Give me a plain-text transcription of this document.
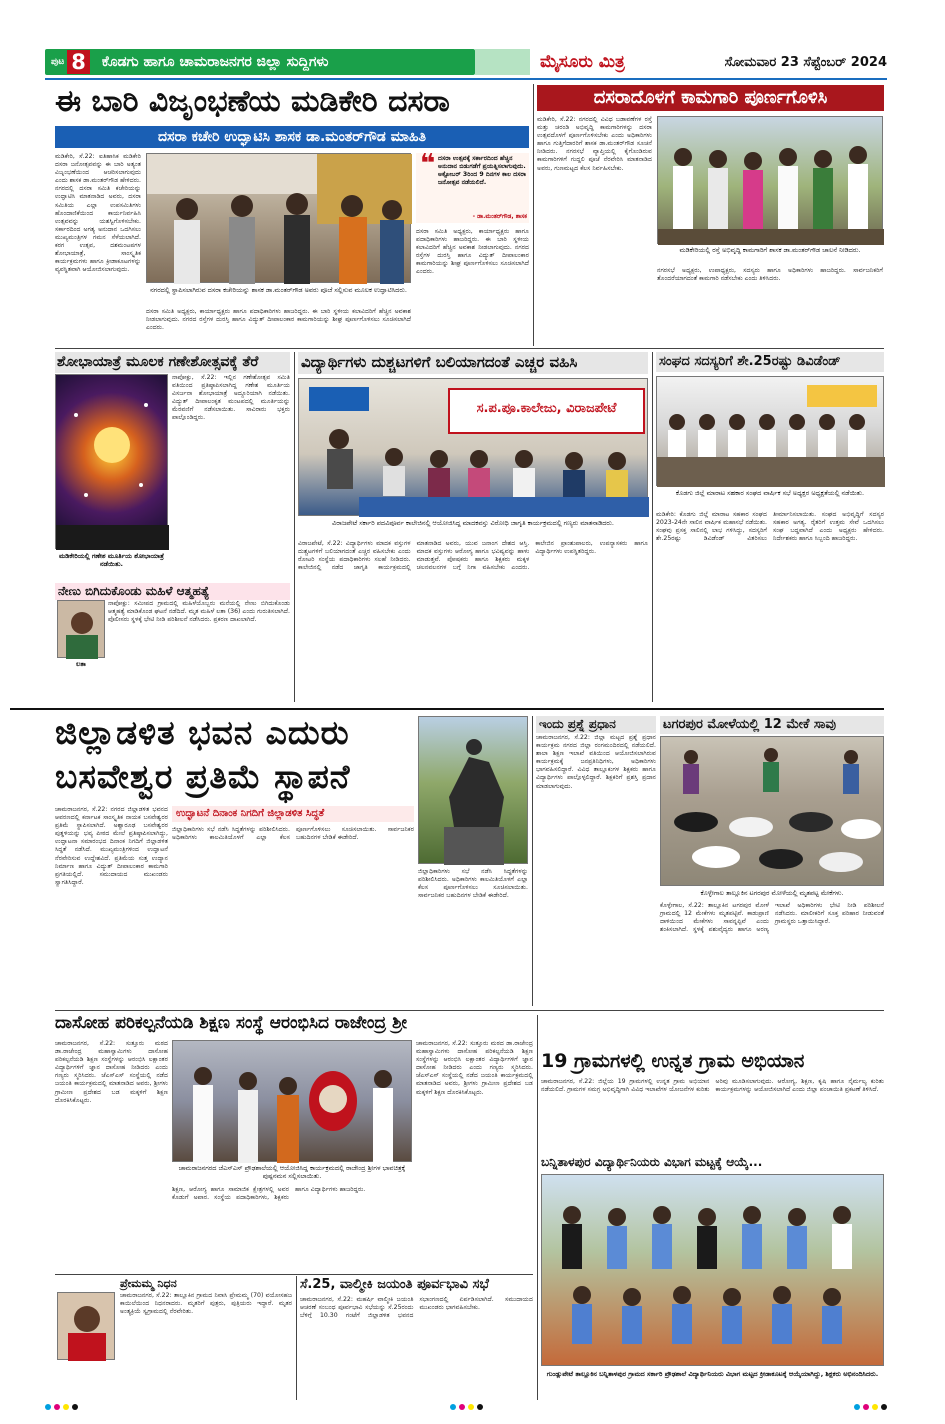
ಪುಟ 8 ಕೊಡಗು ಹಾಗೂ ಚಾಮರಾಜನಗರ ಜಿಲ್ಲಾ ಸುದ್ದಿಗಳು	ಮೈಸೂರು ಮಿತ್ರ	ಸೋಮವಾರ 23 ಸೆಪ್ಟೆಂಬರ್ 2024
ಈ ಬಾರಿ ವಿಜೃಂಭಣೆಯ ಮಡಿಕೇರಿ ದಸರಾ
ದಸರಾ ಕಚೇರಿ ಉದ್ಘಾಟಿಸಿ ಶಾಸಕ ಡಾ.ಮಂತರ್‌ಗೌಡ ಮಾಹಿತಿ
ಮಡಿಕೇರಿ, ಸೆ.22: ಐತಿಹಾಸಿಕ ಮಡಿಕೇರಿ ದಸರಾ ಜನೋತ್ಸವವನ್ನು ಈ ಬಾರಿ ಅತ್ಯಂತ ವಿಜೃಂಭಣೆಯಿಂದ ಆಚರಿಸಲಾಗುವುದು ಎಂದು ಶಾಸಕ ಡಾ.ಮಂತರ್‌ಗೌಡ ಹೇಳಿದರು. ನಗರದಲ್ಲಿ ದಸರಾ ಸಮಿತಿ ಕಚೇರಿಯನ್ನು ಉದ್ಘಾಟಿಸಿ ಮಾತನಾಡಿದ ಅವರು, ದಸರಾ ಸಮಿತಿಯ ಎಲ್ಲಾ ಉಪಸಮಿತಿಗಳು ಹೊಂದಾಣಿಕೆಯಿಂದ ಕಾರ್ಯನಿರ್ವಹಿಸಿ ಉತ್ಸವವನ್ನು ಯಶಸ್ವಿಗೊಳಿಸಬೇಕು. ಸರ್ಕಾರದಿಂದ ಅಗತ್ಯ ಅನುದಾನ ಒದಗಿಸಲು ಮುಖ್ಯಮಂತ್ರಿಗಳ ಗಮನ ಸೆಳೆಯಲಾಗಿದೆ. ಕರಗ ಉತ್ಸವ, ದಶಮಂಟಪಗಳ ಶೋಭಾಯಾತ್ರೆ, ಸಾಂಸ್ಕೃತಿಕ ಕಾರ್ಯಕ್ರಮಗಳು ಹಾಗೂ ಕ್ರೀಡಾಕೂಟಗಳನ್ನು ವ್ಯವಸ್ಥಿತವಾಗಿ ಆಯೋಜಿಸಲಾಗುವುದು.
ನಗರದಲ್ಲಿ ಸ್ಥಾಪಿಸಲಾಗಿರುವ ದಸರಾ ಕಚೇರಿಯನ್ನು ಶಾಸಕ ಡಾ.ಮಂತರ್‌ಗೌಡ ಅವರು ಪೂಜೆ ಸಲ್ಲಿಸುವ ಮೂಲಕ ಉದ್ಘಾಟಿಸಿದರು.
❝ ದಸರಾ ಉತ್ಸವಕ್ಕೆ ಸರ್ಕಾರದಿಂದ ಹೆಚ್ಚಿನ ಅನುದಾನ ಬಿಡುಗಡೆಗೆ ಪ್ರಯತ್ನಿಸಲಾಗುವುದು. ಅಕ್ಟೋಬರ್ 3ರಿಂದ 9 ದಿನಗಳ ಕಾಲ ದಸರಾ ಜನೋತ್ಸವ ನಡೆಯಲಿದೆ.
- ಡಾ.ಮಂತರ್‌ಗೌಡ, ಶಾಸಕ
ದಸರಾ ಸಮಿತಿ ಅಧ್ಯಕ್ಷರು, ಕಾರ್ಯಾಧ್ಯಕ್ಷರು ಹಾಗೂ ಪದಾಧಿಕಾರಿಗಳು ಹಾಜರಿದ್ದರು. ಈ ಬಾರಿ ಸ್ಥಳೀಯ ಕಲಾವಿದರಿಗೆ ಹೆಚ್ಚಿನ ಅವಕಾಶ ನೀಡಲಾಗುವುದು. ನಗರದ ರಸ್ತೆಗಳ ದುರಸ್ತಿ ಹಾಗೂ ವಿದ್ಯುತ್ ದೀಪಾಲಂಕಾರ ಕಾಮಗಾರಿಯನ್ನು ಶೀಘ್ರ ಪೂರ್ಣಗೊಳಿಸಲು ಸೂಚಿಸಲಾಗಿದೆ ಎಂದರು.
ದಸರಾ ಸಮಿತಿ ಅಧ್ಯಕ್ಷರು, ಕಾರ್ಯಾಧ್ಯಕ್ಷರು ಹಾಗೂ ಪದಾಧಿಕಾರಿಗಳು ಹಾಜರಿದ್ದರು. ಈ ಬಾರಿ ಸ್ಥಳೀಯ ಕಲಾವಿದರಿಗೆ ಹೆಚ್ಚಿನ ಅವಕಾಶ ನೀಡಲಾಗುವುದು. ನಗರದ ರಸ್ತೆಗಳ ದುರಸ್ತಿ ಹಾಗೂ ವಿದ್ಯುತ್ ದೀಪಾಲಂಕಾರ ಕಾಮಗಾರಿಯನ್ನು ಶೀಘ್ರ ಪೂರ್ಣಗೊಳಿಸಲು ಸೂಚಿಸಲಾಗಿದೆ ಎಂದರು.
ದಸರಾದೊಳಗೆ ಕಾಮಗಾರಿ ಪೂರ್ಣಗೊಳಿಸಿ
ಮಡಿಕೇರಿ, ಸೆ.22: ನಗರದಲ್ಲಿ ವಿವಿಧ ಬಡಾವಣೆಗಳ ರಸ್ತೆ ಮತ್ತು ಚರಂಡಿ ಅಭಿವೃದ್ಧಿ ಕಾಮಗಾರಿಗಳನ್ನು ದಸರಾ ಉತ್ಸವದೊಳಗೆ ಪೂರ್ಣಗೊಳಿಸಬೇಕು ಎಂದು ಅಧಿಕಾರಿಗಳು ಹಾಗೂ ಗುತ್ತಿಗೆದಾರರಿಗೆ ಶಾಸಕ ಡಾ.ಮಂತರ್‌ಗೌಡ ಸೂಚನೆ ನೀಡಿದರು. ನಗರಸಭೆ ವ್ಯಾಪ್ತಿಯಲ್ಲಿ ಕೈಗೊಂಡಿರುವ ಕಾಮಗಾರಿಗಳಿಗೆ ಗುದ್ದಲಿ ಪೂಜೆ ನೆರವೇರಿಸಿ ಮಾತನಾಡಿದ ಅವರು, ಗುಣಮಟ್ಟದ ಕೆಲಸ ನಿರ್ವಹಿಸಬೇಕು.
ಮಡಿಕೇರಿಯಲ್ಲಿ ರಸ್ತೆ ಅಭಿವೃದ್ಧಿ ಕಾಮಗಾರಿಗೆ ಶಾಸಕ ಡಾ.ಮಂತರ್‌ಗೌಡ ಚಾಲನೆ ನೀಡಿದರು.
ನಗರಸಭೆ ಅಧ್ಯಕ್ಷರು, ಉಪಾಧ್ಯಕ್ಷರು, ಸದಸ್ಯರು ಹಾಗೂ ಅಧಿಕಾರಿಗಳು ಹಾಜರಿದ್ದರು. ಸಾರ್ವಜನಿಕರಿಗೆ ತೊಂದರೆಯಾಗದಂತೆ ಕಾಮಗಾರಿ ನಡೆಸಬೇಕು ಎಂದು ತಿಳಿಸಿದರು.
ಶೋಭಾಯಾತ್ರೆ ಮೂಲಕ ಗಣೇಶೋತ್ಸವಕ್ಕೆ ತೆರೆ
ಮಡಿಕೇರಿಯಲ್ಲಿ ಗಣೇಶ ಮೂರ್ತಿಯ ಶೋಭಾಯಾತ್ರೆ ನಡೆಯಿತು.
ನಾಪೋಕ್ಲು, ಸೆ.22: ಇಲ್ಲಿನ ಗಣೇಶೋತ್ಸವ ಸಮಿತಿ ವತಿಯಿಂದ ಪ್ರತಿಷ್ಠಾಪಿಸಲಾಗಿದ್ದ ಗಣೇಶ ಮೂರ್ತಿಯ ವಿಸರ್ಜನಾ ಶೋಭಾಯಾತ್ರೆ ಅದ್ದೂರಿಯಾಗಿ ನಡೆಯಿತು. ವಿದ್ಯುತ್ ದೀಪಾಲಂಕೃತ ಮಂಟಪದಲ್ಲಿ ಮೂರ್ತಿಯನ್ನು ಮೆರವಣಿಗೆ ನಡೆಸಲಾಯಿತು. ಸಾವಿರಾರು ಭಕ್ತರು ಪಾಲ್ಗೊಂಡಿದ್ದರು.
ನೇಣು ಬಿಗಿದುಕೊಂಡು ಮಹಿಳೆ ಆತ್ಮಹತ್ಯೆ
ಲತಾ
ನಾಪೋಕ್ಲು: ಸಮೀಪದ ಗ್ರಾಮದಲ್ಲಿ ಮಹಿಳೆಯೊಬ್ಬರು ಮನೆಯಲ್ಲಿ ನೇಣು ಬಿಗಿದುಕೊಂಡು ಆತ್ಮಹತ್ಯೆ ಮಾಡಿಕೊಂಡ ಘಟನೆ ನಡೆದಿದೆ. ಮೃತ ಮಹಿಳೆ ಲತಾ (36) ಎಂದು ಗುರುತಿಸಲಾಗಿದೆ. ಪೊಲೀಸರು ಸ್ಥಳಕ್ಕೆ ಭೇಟಿ ನೀಡಿ ಪರಿಶೀಲನೆ ನಡೆಸಿದರು. ಪ್ರಕರಣ ದಾಖಲಾಗಿದೆ.
ವಿದ್ಯಾರ್ಥಿಗಳು ದುಶ್ಚಟಗಳಿಗೆ ಬಲಿಯಾಗದಂತೆ ಎಚ್ಚರ ವಹಿಸಿ
ಸ.ಪ.ಪೂ.ಕಾಲೇಜು, ವಿರಾಜಪೇಟೆ
ವಿರಾಜಪೇಟೆ ಸರ್ಕಾರಿ ಪದವಿಪೂರ್ವ ಕಾಲೇಜಿನಲ್ಲಿ ಆಯೋಜಿಸಿದ್ದ ಮಾದಕವಸ್ತು ವಿರೋಧಿ ಜಾಗೃತಿ ಕಾರ್ಯಕ್ರಮದಲ್ಲಿ ಗಣ್ಯರು ಮಾತನಾಡಿದರು.
ವಿರಾಜಪೇಟೆ, ಸೆ.22: ವಿದ್ಯಾರ್ಥಿಗಳು ಮಾದಕ ವಸ್ತುಗಳ ದುಶ್ಚಟಗಳಿಗೆ ಬಲಿಯಾಗದಂತೆ ಎಚ್ಚರ ವಹಿಸಬೇಕು ಎಂದು ರೋಟರಿ ಸಂಸ್ಥೆಯ ಪದಾಧಿಕಾರಿಗಳು ಸಲಹೆ ನೀಡಿದರು. ಕಾಲೇಜಿನಲ್ಲಿ ನಡೆದ ಜಾಗೃತಿ ಕಾರ್ಯಕ್ರಮದಲ್ಲಿ ಮಾತನಾಡಿದ ಅವರು, ಯುವ ಜನಾಂಗ ದೇಶದ ಆಸ್ತಿ. ಮಾದಕ ವಸ್ತುಗಳು ಆರೋಗ್ಯ ಹಾಗೂ ಭವಿಷ್ಯವನ್ನು ಹಾಳು ಮಾಡುತ್ತವೆ. ಪೋಷಕರು ಹಾಗೂ ಶಿಕ್ಷಕರು ಮಕ್ಕಳ ಚಲನವಲನಗಳ ಬಗ್ಗೆ ನಿಗಾ ವಹಿಸಬೇಕು ಎಂದರು. ಕಾಲೇಜಿನ ಪ್ರಾಂಶುಪಾಲರು, ಉಪನ್ಯಾಸಕರು ಹಾಗೂ ವಿದ್ಯಾರ್ಥಿಗಳು ಉಪಸ್ಥಿತರಿದ್ದರು.
ಸಂಘದ ಸದಸ್ಯರಿಗೆ ಶೇ.25ರಷ್ಟು ಡಿವಿಡೆಂಡ್
ಕೊಡಗು ಜಿಲ್ಲೆ ಮಾರಾಟ ಸಹಕಾರ ಸಂಘದ ವಾರ್ಷಿಕ ಸಭೆ ಅಧ್ಯಕ್ಷರ ಅಧ್ಯಕ್ಷತೆಯಲ್ಲಿ ನಡೆಯಿತು.
ಮಡಿಕೇರಿ: ಕೊಡಗು ಜಿಲ್ಲೆ ಮಾರಾಟ ಸಹಕಾರ ಸಂಘದ 2023-24ನೇ ಸಾಲಿನ ವಾರ್ಷಿಕ ಮಹಾಸಭೆ ನಡೆಯಿತು. ಸಂಘವು ಪ್ರಸಕ್ತ ಸಾಲಿನಲ್ಲಿ ಲಾಭ ಗಳಿಸಿದ್ದು, ಸದಸ್ಯರಿಗೆ ಶೇ.25ರಷ್ಟು ಡಿವಿಡೆಂಡ್ ವಿತರಿಸಲು ತೀರ್ಮಾನಿಸಲಾಯಿತು. ಸಂಘದ ಅಭಿವೃದ್ಧಿಗೆ ಸದಸ್ಯರ ಸಹಕಾರ ಅಗತ್ಯ. ರೈತರಿಗೆ ಉತ್ತಮ ಸೇವೆ ಒದಗಿಸಲು ಸಂಘ ಬದ್ಧವಾಗಿದೆ ಎಂದು ಅಧ್ಯಕ್ಷರು ಹೇಳಿದರು. ನಿರ್ದೇಶಕರು ಹಾಗೂ ಸಿಬ್ಬಂದಿ ಹಾಜರಿದ್ದರು.
ಜಿಲ್ಲಾಡಳಿತ ಭವನ ಎದುರು
ಬಸವೇಶ್ವರ ಪ್ರತಿಮೆ ಸ್ಥಾಪನೆ
ಚಾಮರಾಜನಗರ, ಸೆ.22: ನಗರದ ಜಿಲ್ಲಾಡಳಿತ ಭವನದ ಆವರಣದಲ್ಲಿ ಕರ್ನಾಟಕ ಸಾಂಸ್ಕೃತಿಕ ನಾಯಕ ಬಸವೇಶ್ವರರ ಪ್ರತಿಮೆ ಸ್ಥಾಪಿಸಲಾಗಿದೆ. ಅಶ್ವಾರೂಢ ಬಸವೇಶ್ವರರ ಪುತ್ಥಳಿಯನ್ನು ಭವ್ಯ ಪೀಠದ ಮೇಲೆ ಪ್ರತಿಷ್ಠಾಪಿಸಲಾಗಿದ್ದು, ಉದ್ಘಾಟನಾ ಸಮಾರಂಭದ ದಿನಾಂಕ ನಿಗದಿಗೆ ಜಿಲ್ಲಾಡಳಿತ ಸಿದ್ಧತೆ ನಡೆಸಿದೆ. ಮುಖ್ಯಮಂತ್ರಿಗಳಿಂದ ಉದ್ಘಾಟನೆ ನೆರವೇರಿಸುವ ಉದ್ದೇಶವಿದೆ. ಪ್ರತಿಮೆಯ ಸುತ್ತ ಉದ್ಯಾನ ನಿರ್ಮಾಣ ಹಾಗೂ ವಿದ್ಯುತ್ ದೀಪಾಲಂಕಾರ ಕಾಮಗಾರಿ ಪ್ರಗತಿಯಲ್ಲಿದೆ. ಸಮುದಾಯದ ಮುಖಂಡರು ಸ್ವಾಗತಿಸಿದ್ದಾರೆ.
ಉದ್ಘಾಟನೆ ದಿನಾಂಕ ನಿಗದಿಗೆ ಜಿಲ್ಲಾಡಳಿತ ಸಿದ್ಧತೆ
ಜಿಲ್ಲಾಧಿಕಾರಿಗಳು ಸಭೆ ನಡೆಸಿ ಸಿದ್ಧತೆಗಳನ್ನು ಪರಿಶೀಲಿಸಿದರು. ಅಧಿಕಾರಿಗಳು ಕಾಲಮಿತಿಯೊಳಗೆ ಎಲ್ಲಾ ಕೆಲಸ ಪೂರ್ಣಗೊಳಿಸಲು ಸೂಚಿಸಲಾಯಿತು. ಸಾರ್ವಜನಿಕರ ಬಹುದಿನಗಳ ಬೇಡಿಕೆ ಈಡೇರಿದೆ.
ಜಿಲ್ಲಾಧಿಕಾರಿಗಳು ಸಭೆ ನಡೆಸಿ ಸಿದ್ಧತೆಗಳನ್ನು ಪರಿಶೀಲಿಸಿದರು. ಅಧಿಕಾರಿಗಳು ಕಾಲಮಿತಿಯೊಳಗೆ ಎಲ್ಲಾ ಕೆಲಸ ಪೂರ್ಣಗೊಳಿಸಲು ಸೂಚಿಸಲಾಯಿತು. ಸಾರ್ವಜನಿಕರ ಬಹುದಿನಗಳ ಬೇಡಿಕೆ ಈಡೇರಿದೆ.
ಇಂದು ಪ್ರಶ್ನೆ ಪ್ರಧಾನ
ಚಾಮರಾಜನಗರ, ಸೆ.22: ಜಿಲ್ಲಾ ಮಟ್ಟದ ಪ್ರಶ್ನೆ ಪ್ರಧಾನ ಕಾರ್ಯಕ್ರಮ ನಗರದ ಜಿಲ್ಲಾ ರಂಗಮಂದಿರದಲ್ಲಿ ನಡೆಯಲಿದೆ. ಶಾಲಾ ಶಿಕ್ಷಣ ಇಲಾಖೆ ವತಿಯಿಂದ ಆಯೋಜಿಸಲಾಗಿರುವ ಕಾರ್ಯಕ್ರಮಕ್ಕೆ ಜನಪ್ರತಿನಿಧಿಗಳು, ಅಧಿಕಾರಿಗಳು ಭಾಗವಹಿಸಲಿದ್ದಾರೆ. ವಿವಿಧ ತಾಲ್ಲೂಕುಗಳ ಶಿಕ್ಷಕರು ಹಾಗೂ ವಿದ್ಯಾರ್ಥಿಗಳು ಪಾಲ್ಗೊಳ್ಳಲಿದ್ದಾರೆ. ಶಿಕ್ಷಕರಿಗೆ ಪ್ರಶಸ್ತಿ ಪ್ರದಾನ ಮಾಡಲಾಗುವುದು.
ಟಗರಪುರ ಮೋಳೆಯಲ್ಲಿ 12 ಮೇಕೆ ಸಾವು
ಕೊಳ್ಳೇಗಾಲ ತಾಲ್ಲೂಕಿನ ಟಗರಪುರ ಮೋಳೆಯಲ್ಲಿ ಮೃತಪಟ್ಟ ಮೇಕೆಗಳು.
ಕೊಳ್ಳೇಗಾಲ, ಸೆ.22: ತಾಲ್ಲೂಕಿನ ಟಗರಪುರ ಮೋಳೆ ಗ್ರಾಮದಲ್ಲಿ 12 ಮೇಕೆಗಳು ಮೃತಪಟ್ಟಿವೆ. ಕಾಡುಪ್ರಾಣಿ ದಾಳಿಯಿಂದ ಮೇಕೆಗಳು ಸಾವನ್ನಪ್ಪಿವೆ ಎಂದು ಶಂಕಿಸಲಾಗಿದೆ. ಸ್ಥಳಕ್ಕೆ ಪಶುವೈದ್ಯರು ಹಾಗೂ ಅರಣ್ಯ ಇಲಾಖೆ ಅಧಿಕಾರಿಗಳು ಭೇಟಿ ನೀಡಿ ಪರಿಶೀಲನೆ ನಡೆಸಿದರು. ಮಾಲೀಕರಿಗೆ ಸೂಕ್ತ ಪರಿಹಾರ ನೀಡುವಂತೆ ಗ್ರಾಮಸ್ಥರು ಒತ್ತಾಯಿಸಿದ್ದಾರೆ.
ದಾಸೋಹ ಪರಿಕಲ್ಪನೆಯಡಿ ಶಿಕ್ಷಣ ಸಂಸ್ಥೆ ಆರಂಭಿಸಿದ ರಾಜೇಂದ್ರ ಶ್ರೀ
ಚಾಮರಾಜನಗರ, ಸೆ.22: ಸುತ್ತೂರು ಮಠದ ಡಾ.ರಾಜೇಂದ್ರ ಮಹಾಸ್ವಾಮಿಗಳು ದಾಸೋಹ ಪರಿಕಲ್ಪನೆಯಡಿ ಶಿಕ್ಷಣ ಸಂಸ್ಥೆಗಳನ್ನು ಆರಂಭಿಸಿ ಲಕ್ಷಾಂತರ ವಿದ್ಯಾರ್ಥಿಗಳಿಗೆ ಜ್ಞಾನ ದಾಸೋಹ ನೀಡಿದರು ಎಂದು ಗಣ್ಯರು ಸ್ಮರಿಸಿದರು. ಜೆಎಸ್‌ಎಸ್ ಸಂಸ್ಥೆಯಲ್ಲಿ ನಡೆದ ಜಯಂತಿ ಕಾರ್ಯಕ್ರಮದಲ್ಲಿ ಮಾತನಾಡಿದ ಅವರು, ಶ್ರೀಗಳು ಗ್ರಾಮೀಣ ಪ್ರದೇಶದ ಬಡ ಮಕ್ಕಳಿಗೆ ಶಿಕ್ಷಣ ದೊರಕಿಸಿಕೊಟ್ಟರು.
ಚಾಮರಾಜನಗರದ ಜೆಎಸ್‌ಎಸ್ ಪ್ರೌಢಶಾಲೆಯಲ್ಲಿ ಆಯೋಜಿಸಿದ್ದ ಕಾರ್ಯಕ್ರಮದಲ್ಲಿ ರಾಜೇಂದ್ರ ಶ್ರೀಗಳ ಭಾವಚಿತ್ರಕ್ಕೆ ಪುಷ್ಪನಮನ ಸಲ್ಲಿಸಲಾಯಿತು.
ಶಿಕ್ಷಣ, ಆರೋಗ್ಯ ಹಾಗೂ ಸಾಮಾಜಿಕ ಕ್ಷೇತ್ರಗಳಲ್ಲಿ ಅವರ ಕೊಡುಗೆ ಅಪಾರ. ಸಂಸ್ಥೆಯ ಪದಾಧಿಕಾರಿಗಳು, ಶಿಕ್ಷಕರು ಹಾಗೂ ವಿದ್ಯಾರ್ಥಿಗಳು ಹಾಜರಿದ್ದರು.
ಚಾಮರಾಜನಗರ, ಸೆ.22: ಸುತ್ತೂರು ಮಠದ ಡಾ.ರಾಜೇಂದ್ರ ಮಹಾಸ್ವಾಮಿಗಳು ದಾಸೋಹ ಪರಿಕಲ್ಪನೆಯಡಿ ಶಿಕ್ಷಣ ಸಂಸ್ಥೆಗಳನ್ನು ಆರಂಭಿಸಿ ಲಕ್ಷಾಂತರ ವಿದ್ಯಾರ್ಥಿಗಳಿಗೆ ಜ್ಞಾನ ದಾಸೋಹ ನೀಡಿದರು ಎಂದು ಗಣ್ಯರು ಸ್ಮರಿಸಿದರು. ಜೆಎಸ್‌ಎಸ್ ಸಂಸ್ಥೆಯಲ್ಲಿ ನಡೆದ ಜಯಂತಿ ಕಾರ್ಯಕ್ರಮದಲ್ಲಿ ಮಾತನಾಡಿದ ಅವರು, ಶ್ರೀಗಳು ಗ್ರಾಮೀಣ ಪ್ರದೇಶದ ಬಡ ಮಕ್ಕಳಿಗೆ ಶಿಕ್ಷಣ ದೊರಕಿಸಿಕೊಟ್ಟರು.
19 ಗ್ರಾಮಗಳಲ್ಲಿ ಉನ್ನತ ಗ್ರಾಮ ಅಭಿಯಾನ
ಚಾಮರಾಜನಗರ, ಸೆ.22: ಜಿಲ್ಲೆಯ 19 ಗ್ರಾಮಗಳಲ್ಲಿ ಉನ್ನತ ಗ್ರಾಮ ಅಭಿಯಾನ ನಡೆಯಲಿದೆ. ಗ್ರಾಮಗಳ ಸಮಗ್ರ ಅಭಿವೃದ್ಧಿಗಾಗಿ ವಿವಿಧ ಇಲಾಖೆಗಳ ಯೋಜನೆಗಳ ಕುರಿತು ಅರಿವು ಮೂಡಿಸಲಾಗುವುದು. ಆರೋಗ್ಯ, ಶಿಕ್ಷಣ, ಕೃಷಿ ಹಾಗೂ ನೈರ್ಮಲ್ಯ ಕುರಿತು ಕಾರ್ಯಕ್ರಮಗಳನ್ನು ಆಯೋಜಿಸಲಾಗಿದೆ ಎಂದು ಜಿಲ್ಲಾ ಪಂಚಾಯಿತಿ ಪ್ರಕಟಣೆ ತಿಳಿಸಿದೆ.
ಬನ್ನಿತಾಳಪುರ ವಿದ್ಯಾರ್ಥಿನಿಯರು ವಿಭಾಗ ಮಟ್ಟಕ್ಕೆ ಆಯ್ಕೆ...
ಗುಂಡ್ಲುಪೇಟೆ ತಾಲ್ಲೂಕಿನ ಬನ್ನಿತಾಳಪುರ ಗ್ರಾಮದ ಸರ್ಕಾರಿ ಪ್ರೌಢಶಾಲೆ ವಿದ್ಯಾರ್ಥಿನಿಯರು ವಿಭಾಗ ಮಟ್ಟದ ಕ್ರೀಡಾಕೂಟಕ್ಕೆ ಆಯ್ಕೆಯಾಗಿದ್ದು, ಶಿಕ್ಷಕರು ಅಭಿನಂದಿಸಿದರು.
ಪ್ರೇಮಮ್ಮ ನಿಧನ
ಚಾಮರಾಜನಗರ, ಸೆ.22: ತಾಲ್ಲೂಕಿನ ಗ್ರಾಮದ ನಿವಾಸಿ ಪ್ರೇಮಮ್ಮ (70) ವಯೋಸಹಜ ಕಾಯಿಲೆಯಿಂದ ನಿಧನರಾದರು. ಮೃತರಿಗೆ ಪುತ್ರರು, ಪುತ್ರಿಯರು ಇದ್ದಾರೆ. ಮೃತರ ಅಂತ್ಯಕ್ರಿಯೆ ಸ್ವಗ್ರಾಮದಲ್ಲಿ ನೆರವೇರಿತು.
ಸೆ.25, ವಾಲ್ಮೀಕಿ ಜಯಂತಿ ಪೂರ್ವಭಾವಿ ಸಭೆ
ಚಾಮರಾಜನಗರ, ಸೆ.22: ಮಹರ್ಷಿ ವಾಲ್ಮೀಕಿ ಜಯಂತಿ ಆಚರಣೆ ಸಂಬಂಧ ಪೂರ್ವಭಾವಿ ಸಭೆಯನ್ನು ಸೆ.25ರಂದು ಬೆಳಿಗ್ಗೆ 10.30 ಗಂಟೆಗೆ ಜಿಲ್ಲಾಡಳಿತ ಭವನದ ಸಭಾಂಗಣದಲ್ಲಿ ಏರ್ಪಡಿಸಲಾಗಿದೆ. ಸಮುದಾಯದ ಮುಖಂಡರು ಭಾಗವಹಿಸಬೇಕು.
